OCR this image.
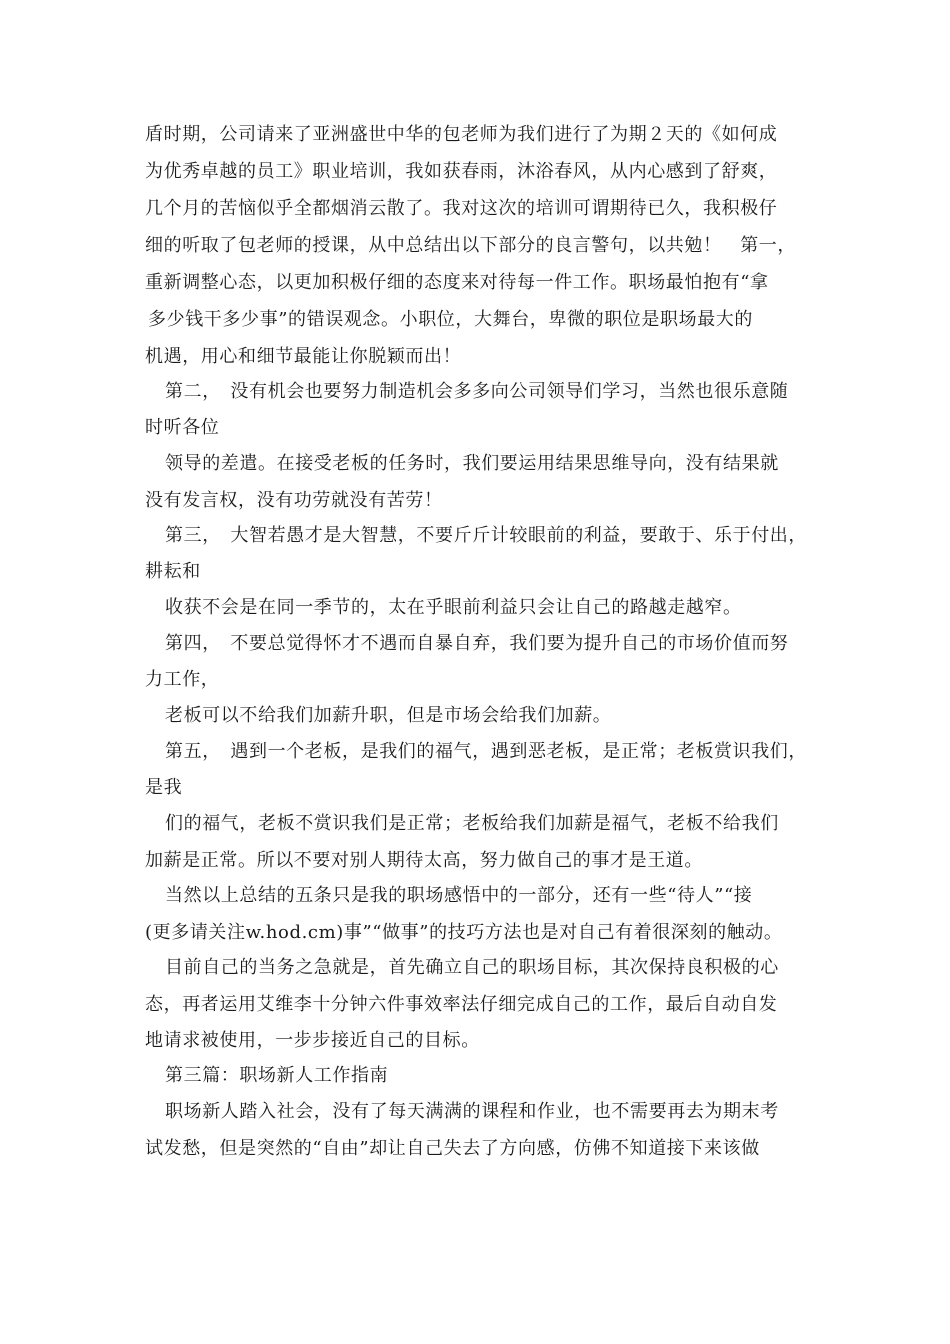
盾时期，公司请来了亚洲盛世中华的包老师为我们进行了为期２天的《如何成
为优秀卓越的员工》职业培训，我如获春雨，沐浴春风，从内心感到了舒爽，
几个月的苦恼似乎全都烟消云散了。我对这次的培训可谓期待已久，我积极仔
细的听取了包老师的授课，从中总结出以下部分的良言警句，以共勉！　第一，
重新调整心态，以更加积极仔细的态度来对待每一件工作。职场最怕抱有“拿
多少钱干多少事”的错误观念。小职位，大舞台，卑微的职位是职场最大的
机遇，用心和细节最能让你脱颖而出！
第二，　没有机会也要努力制造机会多多向公司领导们学习，当然也很乐意随
时听各位
领导的差遣。在接受老板的任务时，我们要运用结果思维导向，没有结果就
没有发言权，没有功劳就没有苦劳！
第三，　大智若愚才是大智慧，不要斤斤计较眼前的利益，要敢于、乐于付出，
耕耘和
收获不会是在同一季节的，太在乎眼前利益只会让自己的路越走越窄。
第四，　不要总觉得怀才不遇而自暴自弃，我们要为提升自己的市场价值而努
力工作，
老板可以不给我们加薪升职，但是市场会给我们加薪。
第五，　遇到一个老板，是我们的福气，遇到恶老板，是正常；老板赏识我们，
是我
们的福气，老板不赏识我们是正常；老板给我们加薪是福气，老板不给我们
加薪是正常。所以不要对别人期待太高，努力做自己的事才是王道。
当然以上总结的五条只是我的职场感悟中的一部分，还有一些“待人”“接
(更多请关注w.hod.cm)事”“做事”的技巧方法也是对自己有着很深刻的触动。
目前自己的当务之急就是，首先确立自己的职场目标，其次保持良积极的心
态，再者运用艾维李十分钟六件事效率法仔细完成自己的工作，最后自动自发
地请求被使用，一步步接近自己的目标。
第三篇：职场新人工作指南
职场新人踏入社会，没有了每天满满的课程和作业，也不需要再去为期末考
试发愁，但是突然的“自由”却让自己失去了方向感，仿佛不知道接下来该做
